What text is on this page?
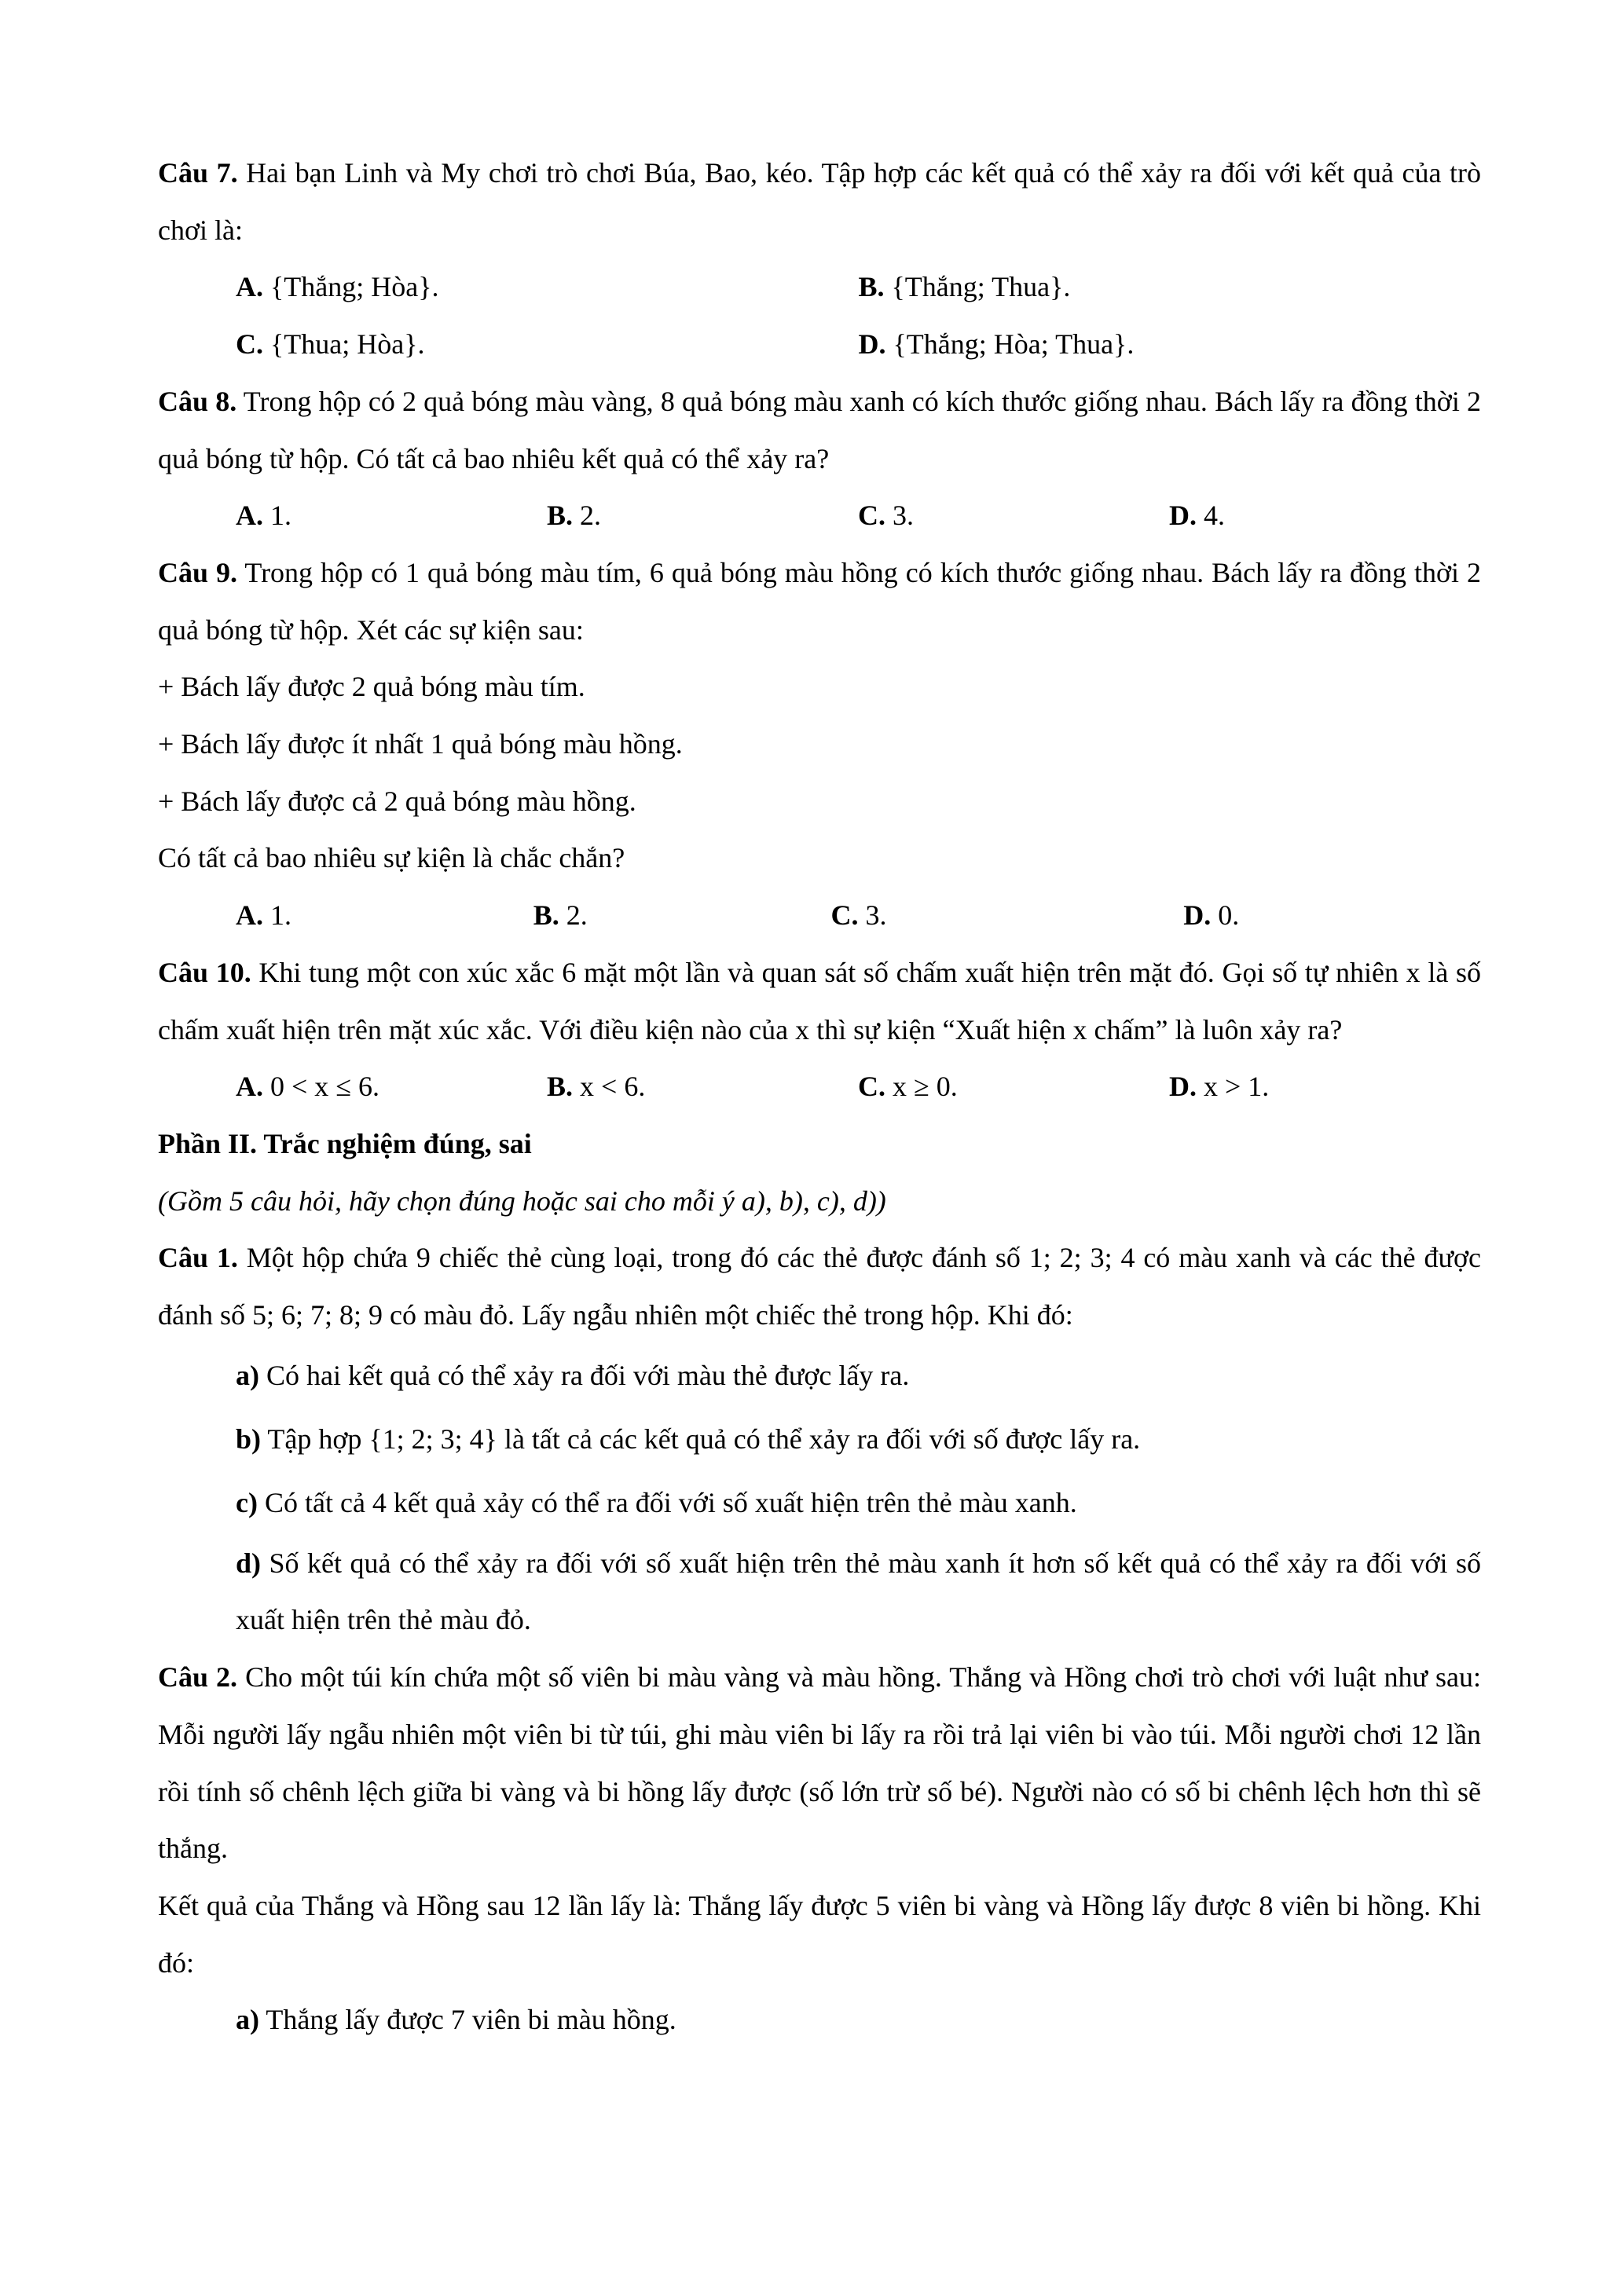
Câu 7. Hai bạn Linh và My chơi trò chơi Búa, Bao, kéo. Tập hợp các kết quả có thể xảy ra đối với kết quả của trò chơi là:
A. {Thắng; Hòa}.	B. {Thắng; Thua}.
C. {Thua; Hòa}.	D. {Thắng; Hòa; Thua}.
Câu 8. Trong hộp có 2 quả bóng màu vàng, 8 quả bóng màu xanh có kích thước giống nhau. Bách lấy ra đồng thời 2 quả bóng từ hộp. Có tất cả bao nhiêu kết quả có thể xảy ra?
A. 1.	B. 2.	C. 3.	D. 4.
Câu 9. Trong hộp có 1 quả bóng màu tím, 6 quả bóng màu hồng có kích thước giống nhau. Bách lấy ra đồng thời 2 quả bóng từ hộp. Xét các sự kiện sau:
+ Bách lấy được 2 quả bóng màu tím.
+ Bách lấy được ít nhất 1 quả bóng màu hồng.
+ Bách lấy được cả 2 quả bóng màu hồng.
Có tất cả bao nhiêu sự kiện là chắc chắn?
A. 1.	B. 2.	C. 3.	D. 0.
Câu 10. Khi tung một con xúc xắc 6 mặt một lần và quan sát số chấm xuất hiện trên mặt đó. Gọi số tự nhiên x là số chấm xuất hiện trên mặt xúc xắc. Với điều kiện nào của x thì sự kiện “Xuất hiện x chấm” là luôn xảy ra?
A. 0 < x ≤ 6.	B. x < 6.	C. x ≥ 0.	D. x > 1.
Phần II. Trắc nghiệm đúng, sai
(Gồm 5 câu hỏi, hãy chọn đúng hoặc sai cho mỗi ý a), b), c), d))
Câu 1. Một hộp chứa 9 chiếc thẻ cùng loại, trong đó các thẻ được đánh số 1; 2; 3; 4 có màu xanh và các thẻ được đánh số 5; 6; 7; 8; 9 có màu đỏ. Lấy ngẫu nhiên một chiếc thẻ trong hộp. Khi đó:
a) Có hai kết quả có thể xảy ra đối với màu thẻ được lấy ra.
b) Tập hợp {1; 2; 3; 4} là tất cả các kết quả có thể xảy ra đối với số được lấy ra.
c) Có tất cả 4 kết quả xảy có thể ra đối với số xuất hiện trên thẻ màu xanh.
d) Số kết quả có thể xảy ra đối với số xuất hiện trên thẻ màu xanh ít hơn số kết quả có thể xảy ra đối với số xuất hiện trên thẻ màu đỏ.
Câu 2. Cho một túi kín chứa một số viên bi màu vàng và màu hồng. Thắng và Hồng chơi trò chơi với luật như sau: Mỗi người lấy ngẫu nhiên một viên bi từ túi, ghi màu viên bi lấy ra rồi trả lại viên bi vào túi. Mỗi người chơi 12 lần rồi tính số chênh lệch giữa bi vàng và bi hồng lấy được (số lớn trừ số bé). Người nào có số bi chênh lệch hơn thì sẽ thắng.
Kết quả của Thắng và Hồng sau 12 lần lấy là: Thắng lấy được 5 viên bi vàng và Hồng lấy được 8 viên bi hồng. Khi đó:
a) Thắng lấy được 7 viên bi màu hồng.
